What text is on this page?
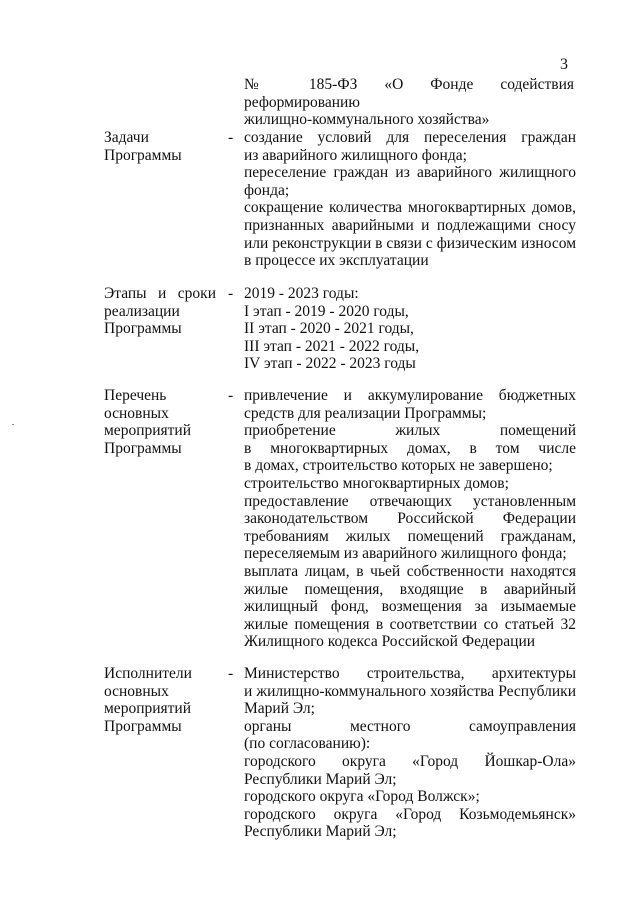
3
№ 185-ФЗ «О Фонде содействия реформированию
жилищно-коммунального хозяйства»
Задачи
Программы
- создание условий для переселения граждан
из аварийного жилищного фонда;
переселение граждан из аварийного жилищного
фонда;
сокращение количества многоквартирных домов,
признанных аварийными и подлежащими сносу
или реконструкции в связи с физическим износом
в процессе их эксплуатации
Этапы и сроки
реализации
Программы
- 2019 - 2023 годы:
I этап - 2019 - 2020 годы,
II этап - 2020 - 2021 годы,
III этап - 2021 - 2022 годы,
IV этап - 2022 - 2023 годы
Перечень
основных
мероприятий
Программы
- привлечение и аккумулирование бюджетных
средств для реализации Программы;
приобретение жилых помещений
в многоквартирных домах, в том числе
в домах, строительство которых не завершено;
строительство многоквартирных домов;
предоставление отвечающих установленным
законодательством Российской Федерации
требованиям жилых помещений гражданам,
переселяемым из аварийного жилищного фонда;
выплата лицам, в чьей собственности находятся
жилые помещения, входящие в аварийный
жилищный фонд, возмещения за изымаемые
жилые помещения в соответствии со статьей 32
Жилищного кодекса Российской Федерации
Исполнители
основных
мероприятий
Программы
- Министерство строительства, архитектуры
и жилищно-коммунального хозяйства Республики
Марий Эл;
органы местного самоуправления
(по согласованию):
городского округа «Город Йошкар-Ола»
Республики Марий Эл;
городского округа «Город Волжск»;
городского округа «Город Козьмодемьянск»
Республики Марий Эл;
